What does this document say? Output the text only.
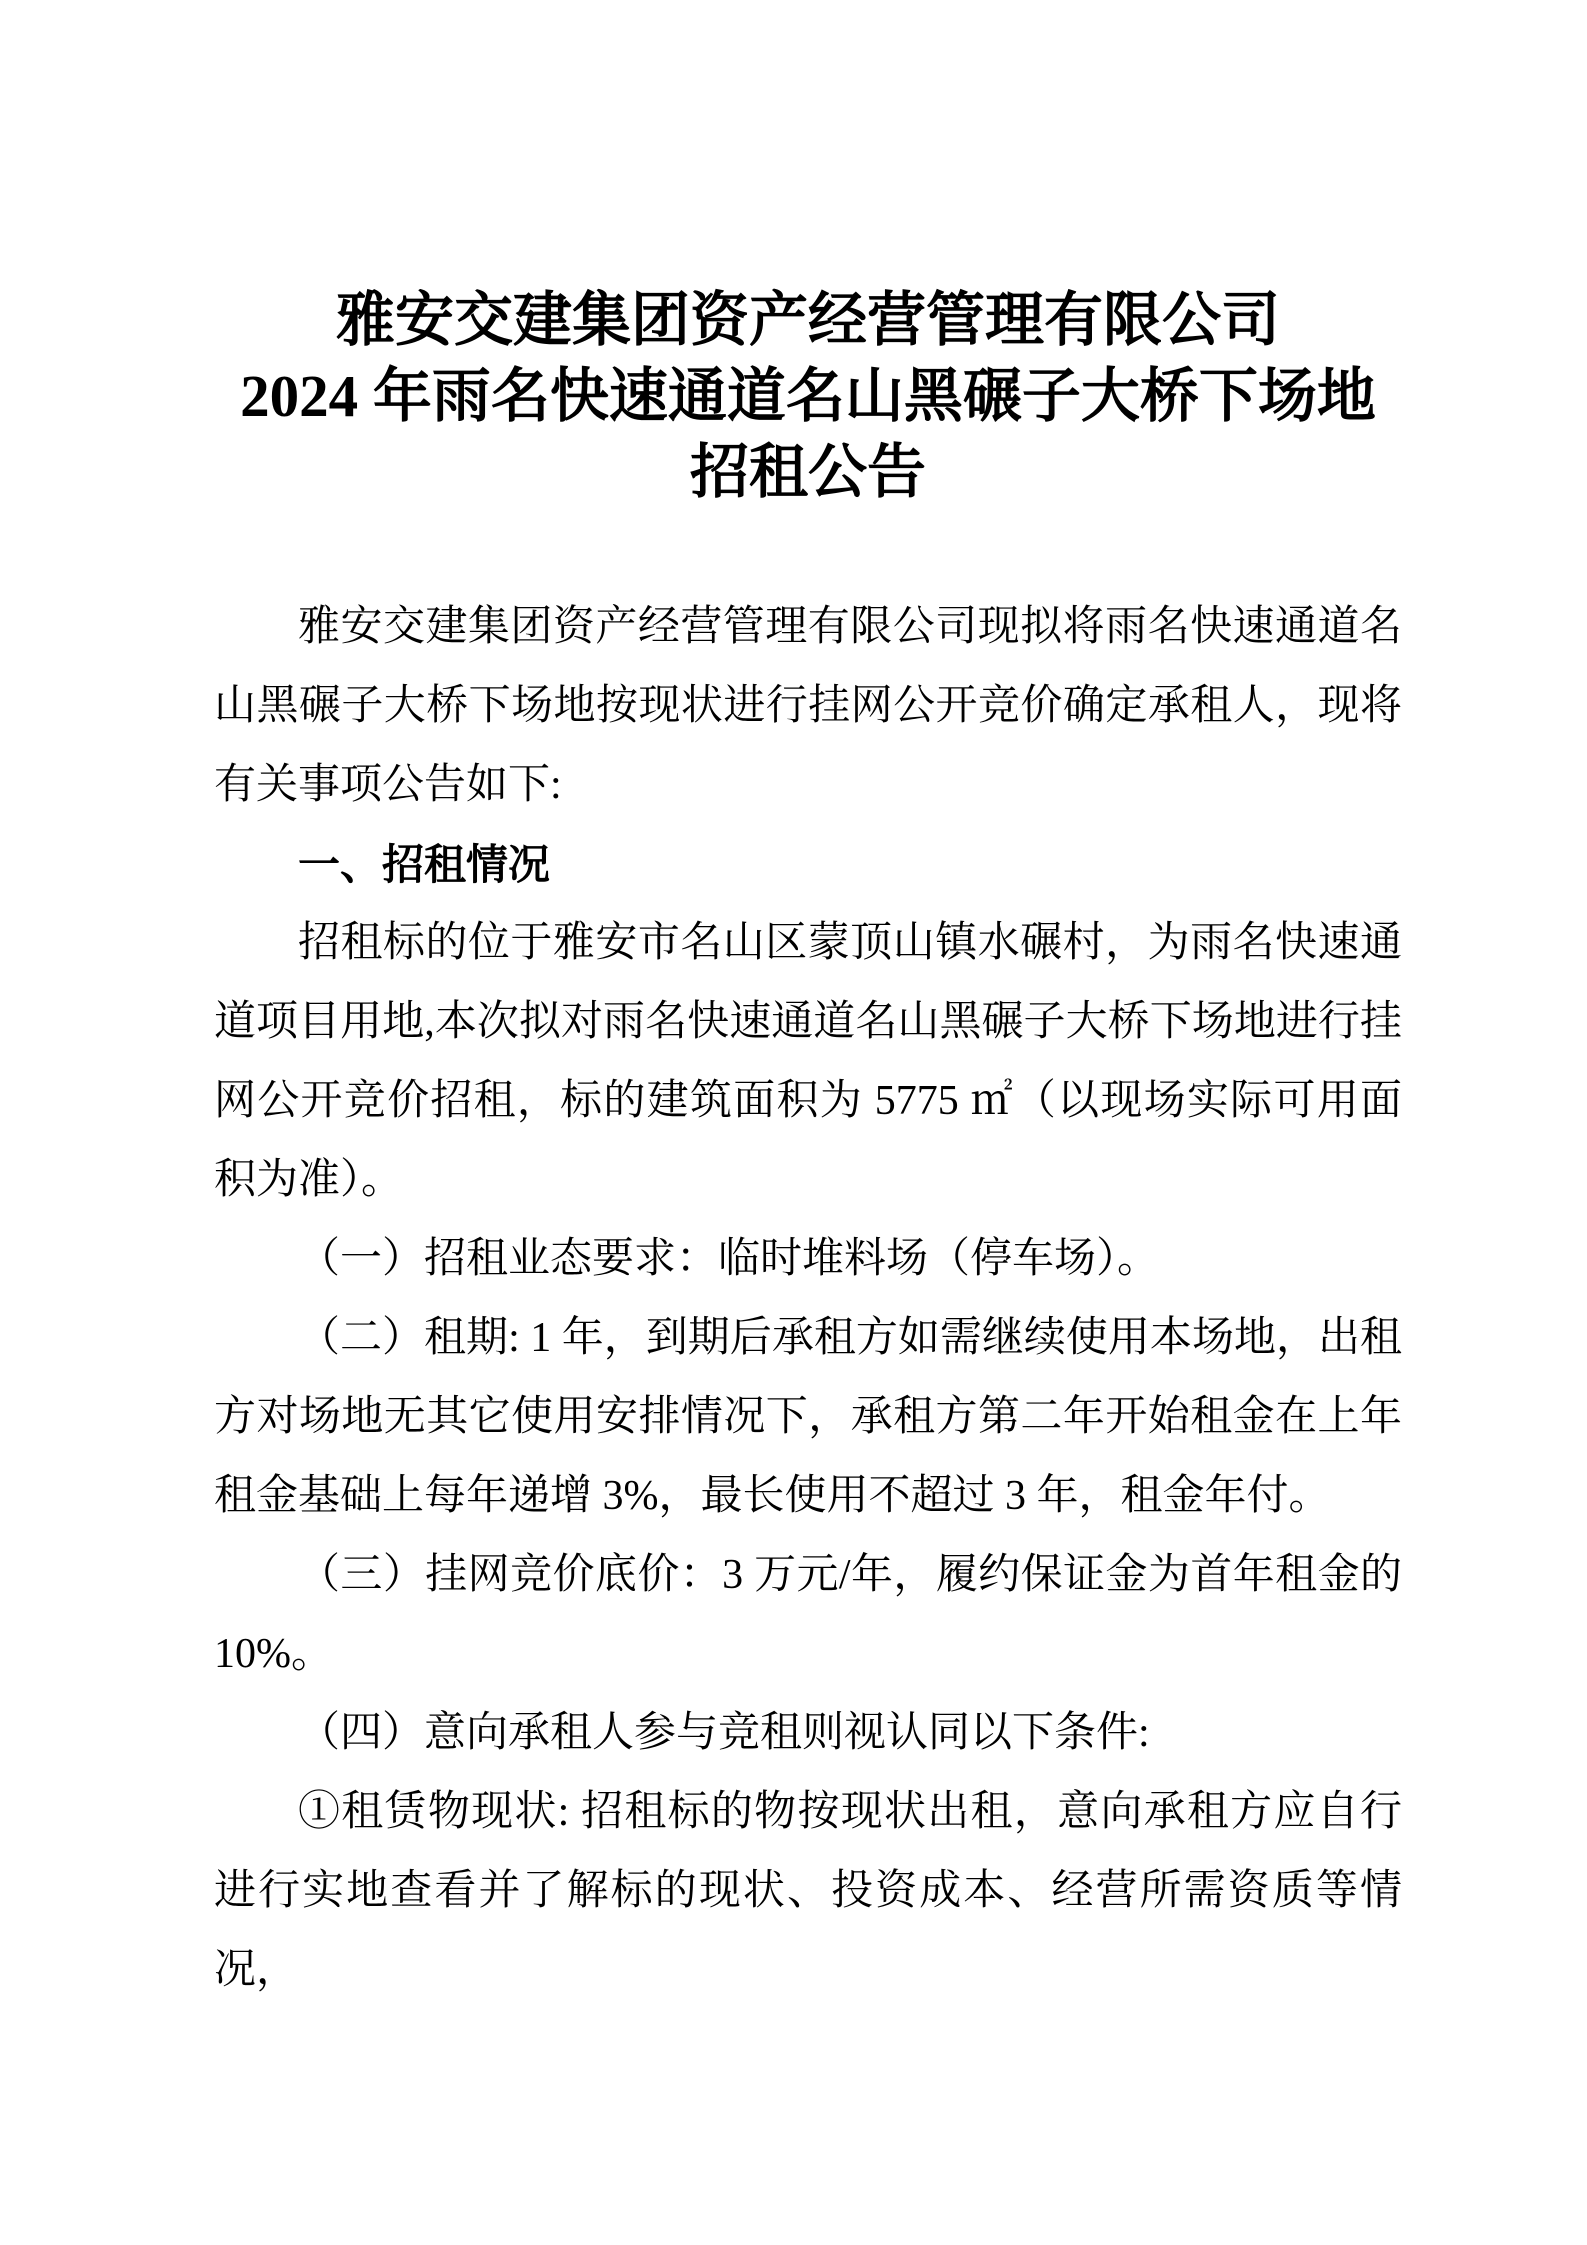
雅安交建集团资产经营管理有限公司
2024 年雨名快速通道名山黑碾子大桥下场地
招租公告

雅安交建集团资产经营管理有限公司现拟将雨名快速通道名山黑碾子大桥下场地按现状进行挂网公开竞价确定承租人，现将有关事项公告如下:

一、招租情况

招租标的位于雅安市名山区蒙顶山镇水碾村，为雨名快速通道项目用地,本次拟对雨名快速通道名山黑碾子大桥下场地进行挂网公开竞价招租，标的建筑面积为 5775 ㎡（以现场实际可用面积为准）。

（一）招租业态要求：临时堆料场（停车场）。

（二）租期: 1 年，到期后承租方如需继续使用本场地，出租方对场地无其它使用安排情况下，承租方第二年开始租金在上年租金基础上每年递增 3%，最长使用不超过 3 年，租金年付。

（三）挂网竞价底价：3 万元/年，履约保证金为首年租金的 10%。

（四）意向承租人参与竞租则视认同以下条件:

①租赁物现状: 招租标的物按现状出租，意向承租方应自行进行实地查看并了解标的现状、投资成本、经营所需资质等情况，
